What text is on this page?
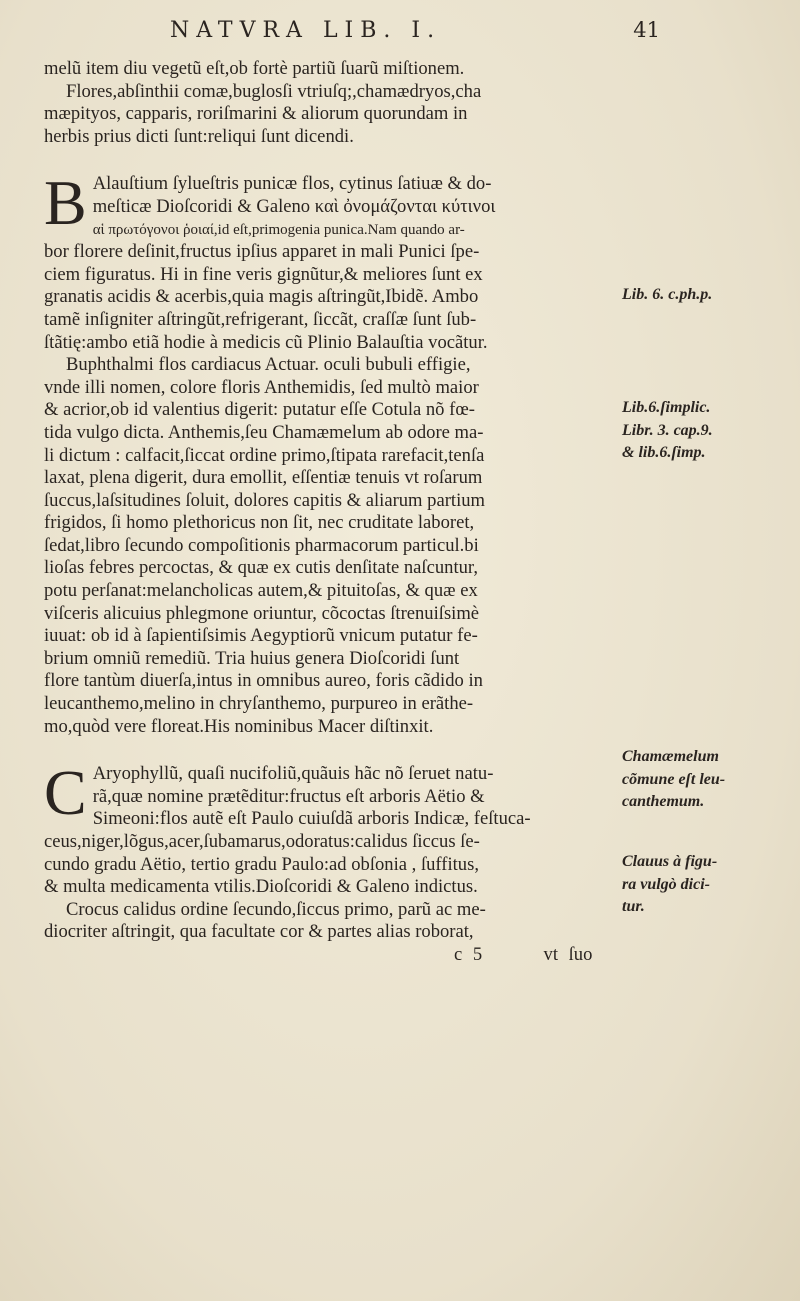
NATVRA LIB. I.	41
melũ item diu vegetũ eſt,ob fortè partiũ ſuarũ miſtionem.
Flores,abſinthii comæ,buglosſi vtriuſq;,chamædryos,cha
mæpityos, capparis, roriſmarini & aliorum quorundam in
herbis prius dicti ſunt:reliqui ſunt dicendi.
B Alauſtium ſylueſtris punicæ flos, cytinus ſatiuæ & do-
meſticæ Dioſcoridi & Galeno καὶ ὀνομάζονται κύτινοι
αἱ πρωτόγονοι ῥοιαί,id eſt,primogenia punica.Nam quando ar-
bor florere deſinit,fructus ipſius apparet in mali Punici ſpe-
ciem figuratus. Hi in fine veris gignũtur,& meliores ſunt ex
granatis acidis & acerbis,quia magis aſtringũt,Ibidẽ. Ambo
tamẽ inſigniter aſtringũt,refrigerant, ſiccãt, craſſæ ſunt ſub-
ſtãtię:ambo etiã hodie à medicis cũ Plinio Balauſtia vocãtur.
Buphthalmi flos cardiacus Actuar. oculi bubuli effigie,
vnde illi nomen, colore floris Anthemidis, ſed multò maior
& acrior,ob id valentius digerit: putatur eſſe Cotula nõ fœ-
tida vulgo dicta. Anthemis,ſeu Chamæmelum ab odore ma-
li dictum : calfacit,ſiccat ordine primo,ſtipata rarefacit,tenſa
laxat, plena digerit, dura emollit, eſſentiæ tenuis vt roſarum
ſuccus,laſsitudines ſoluit, dolores capitis & aliarum partium
frigidos, ſi homo plethoricus non ſit, nec cruditate laboret,
ſedat,libro ſecundo compoſitionis pharmacorum particul.bi
lioſas febres percoctas, & quæ ex cutis denſitate naſcuntur,
potu perſanat:melancholicas autem,& pituitoſas, & quæ ex
viſceris alicuius phlegmone oriuntur, cõcoctas ſtrenuiſsimè
iuuat: ob id à ſapientiſsimis Aegyptiorũ vnicum putatur fe-
brium omniũ remediũ. Tria huius genera Dioſcoridi ſunt
flore tantùm diuerſa,intus in omnibus aureo, foris cãdido in
leucanthemo,melino in chryſanthemo, purpureo in erãthe-
mo,quòd vere floreat.His nominibus Macer diſtinxit.
C Aryophyllũ, quaſi nucifoliũ,quãuis hãc nõ ſeruet natu-
rã,quæ nomine prætẽditur:fructus eſt arboris Aëtio &
Simeoni:flos autẽ eſt Paulo cuiuſdã arboris Indicæ, feſtuca-
ceus,niger,lõgus,acer,ſubamarus,odoratus:calidus ſiccus ſe-
cundo gradu Aëtio, tertio gradu Paulo:ad obſonia , ſuffitus,
& multa medicamenta vtilis.Dioſcoridi & Galeno indictus.
Crocus calidus ordine ſecundo,ſiccus primo, parũ ac me-
diocriter aſtringit, qua facultate cor & partes alias roborat,
c 5	vt ſuo
Lib. 6. c.ph.p.
Lib.6.ſimplic.
Libr. 3. cap.9.
& lib.6.ſimp.
Chamæmelum
cõmune eſt leu-
canthemum.
Clauus à figu-
ra vulgò dici-
tur.
